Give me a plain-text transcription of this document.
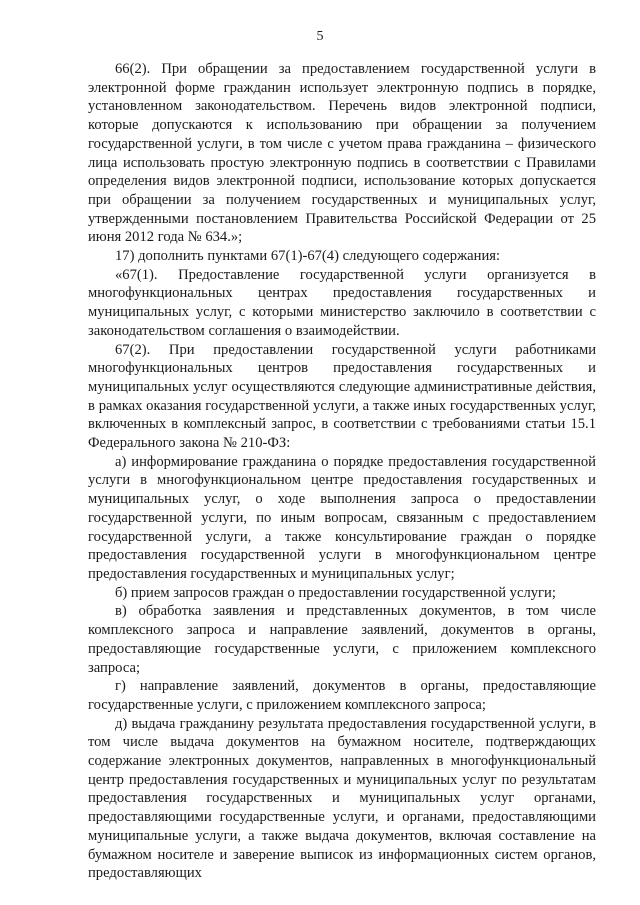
5

66(2). При обращении за предоставлением государственной услуги в электронной форме гражданин использует электронную подпись в порядке, установленном законодательством. Перечень видов электронной подписи, которые допускаются к использованию при обращении за получением государственной услуги, в том числе с учетом права гражданина – физического лица использовать простую электронную подпись в соответствии с Правилами определения видов электронной подписи, использование которых допускается при обращении за получением государственных и муниципальных услуг, утвержденными постановлением Правительства Российской Федерации от 25 июня 2012 года № 634.»;

17) дополнить пунктами 67(1)-67(4) следующего содержания:

«67(1). Предоставление государственной услуги организуется в многофункциональных центрах предоставления государственных и муниципальных услуг, с которыми министерство заключило в соответствии с законодательством соглашения о взаимодействии.

67(2). При предоставлении государственной услуги работниками многофункциональных центров предоставления государственных и муниципальных услуг осуществляются следующие административные действия, в рамках оказания государственной услуги, а также иных государственных услуг, включенных в комплексный запрос, в соответствии с требованиями статьи 15.1 Федерального закона № 210-ФЗ:

а) информирование гражданина о порядке предоставления государственной услуги в многофункциональном центре предоставления государственных и муниципальных услуг, о ходе выполнения запроса о предоставлении государственной услуги, по иным вопросам, связанным с предоставлением государственной услуги, а также консультирование граждан о порядке предоставления государственной услуги в многофункциональном центре предоставления государственных и муниципальных услуг;

б) прием запросов граждан о предоставлении государственной услуги;

в) обработка заявления и представленных документов, в том числе комплексного запроса и направление заявлений, документов в органы, предоставляющие государственные услуги, с приложением комплексного запроса;

г) направление заявлений, документов в органы, предоставляющие государственные услуги, с приложением комплексного запроса;

д) выдача гражданину результата предоставления государственной услуги, в том числе выдача документов на бумажном носителе, подтверждающих содержание электронных документов, направленных в многофункциональный центр предоставления государственных и муниципальных услуг по результатам предоставления государственных и муниципальных услуг органами, предоставляющими государственные услуги, и органами, предоставляющими муниципальные услуги, а также выдача документов, включая составление на бумажном носителе и заверение выписок из информационных систем органов, предоставляющих
